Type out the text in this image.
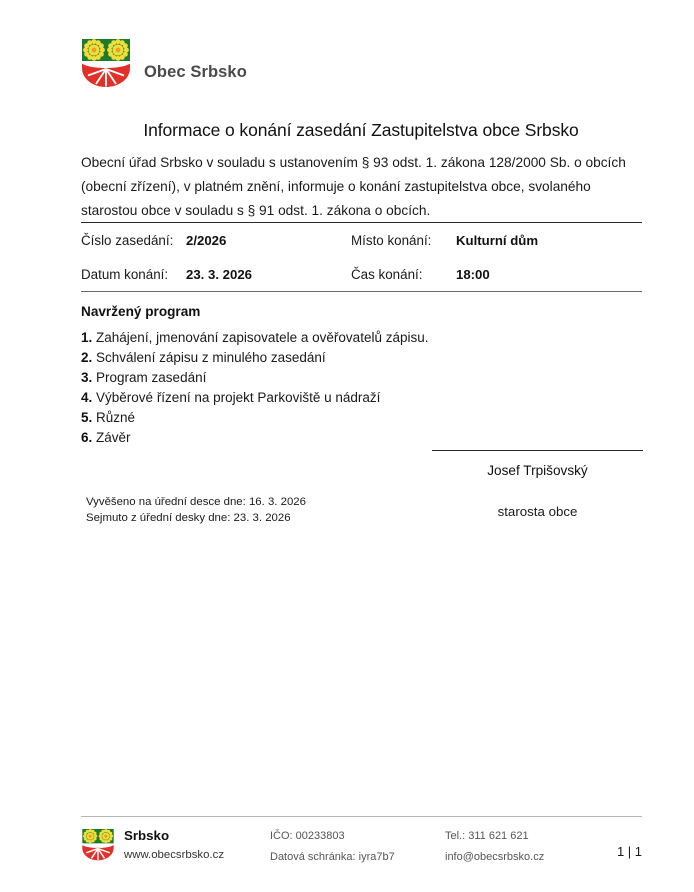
Obec Srbsko
Informace o konání zasedání Zastupitelstva obce Srbsko
Obecní úřad Srbsko v souladu s ustanovením § 93 odst. 1. zákona 128/2000 Sb. o obcích (obecní zřízení), v platném znění, informuje o konání zastupitelstva obce, svolaného starostou obce v souladu s § 91 odst. 1. zákona o obcích.
Číslo zasedání: 2/2026	Místo konání:	Kulturní dům
Datum konání:	23. 3. 2026	Čas konání:	18:00
Navržený program
1. Zahájení, jmenování zapisovatele a ověřovatelů zápisu.
2. Schválení zápisu z minulého zasedání
3. Program zasedání
4. Výběrové řízení na projekt Parkoviště u nádraží
5. Různé
6. Závěr
Josef Trpišovský
starosta obce
Vyvěšeno na úřední desce dne: 16. 3. 2026
Sejmuto z úřední desky dne: 23. 3. 2026
Srbsko
www.obecsrbsko.cz
IČO: 00233803
Datová schránka: iyra7b7
Tel.: 311 621 621
info@obecsrbsko.cz	1 | 1
